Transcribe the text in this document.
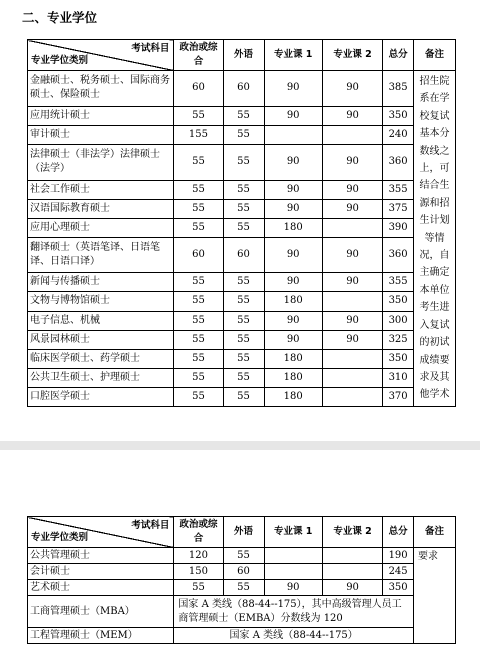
二、专业学位
考试科目
专业学位类别	政治或综合	外语	专业课 1	专业课 2	总分	备注
金融硕士、税务硕士、国际商务硕士、保险硕士	60	60	90	90	385	招生院系在学校复试基本分数线之上，可结合生源和招生计划等情况，自主确定本单位考生进入复试的初试成绩要求及其他学术
应用统计硕士	55	55	90	90	350	
审计硕士	155	55			240	
法律硕士（非法学）法律硕士（法学）	55	55	90	90	360	
社会工作硕士	55	55	90	90	355	
汉语国际教育硕士	55	55	90	90	375	
应用心理硕士	55	55	180		390	
翻译硕士（英语笔译、日语笔译、日语口译）	60	60	90	90	360	
新闻与传播硕士	55	55	90	90	355	
文物与博物馆硕士	55	55	180		350	
电子信息、机械	55	55	90	90	300	
风景园林硕士	55	55	90	90	325	
临床医学硕士、药学硕士	55	55	180		350	
公共卫生硕士、护理硕士	55	55	180		310	
口腔医学硕士	55	55	180		370	
考试科目
专业学位类别	政治或综合	外语	专业课 1	专业课 2	总分	备注
公共管理硕士	120	55			190	要求
会计硕士	150	60			245	
艺术硕士	55	55	90	90	350	
工商管理硕士（MBA）	国家 A 类线（88-44--175），其中高级管理人员工商管理硕士（EMBA）分数线为 120					
工程管理硕士（MEM）	国家 A 类线（88-44--175）					
